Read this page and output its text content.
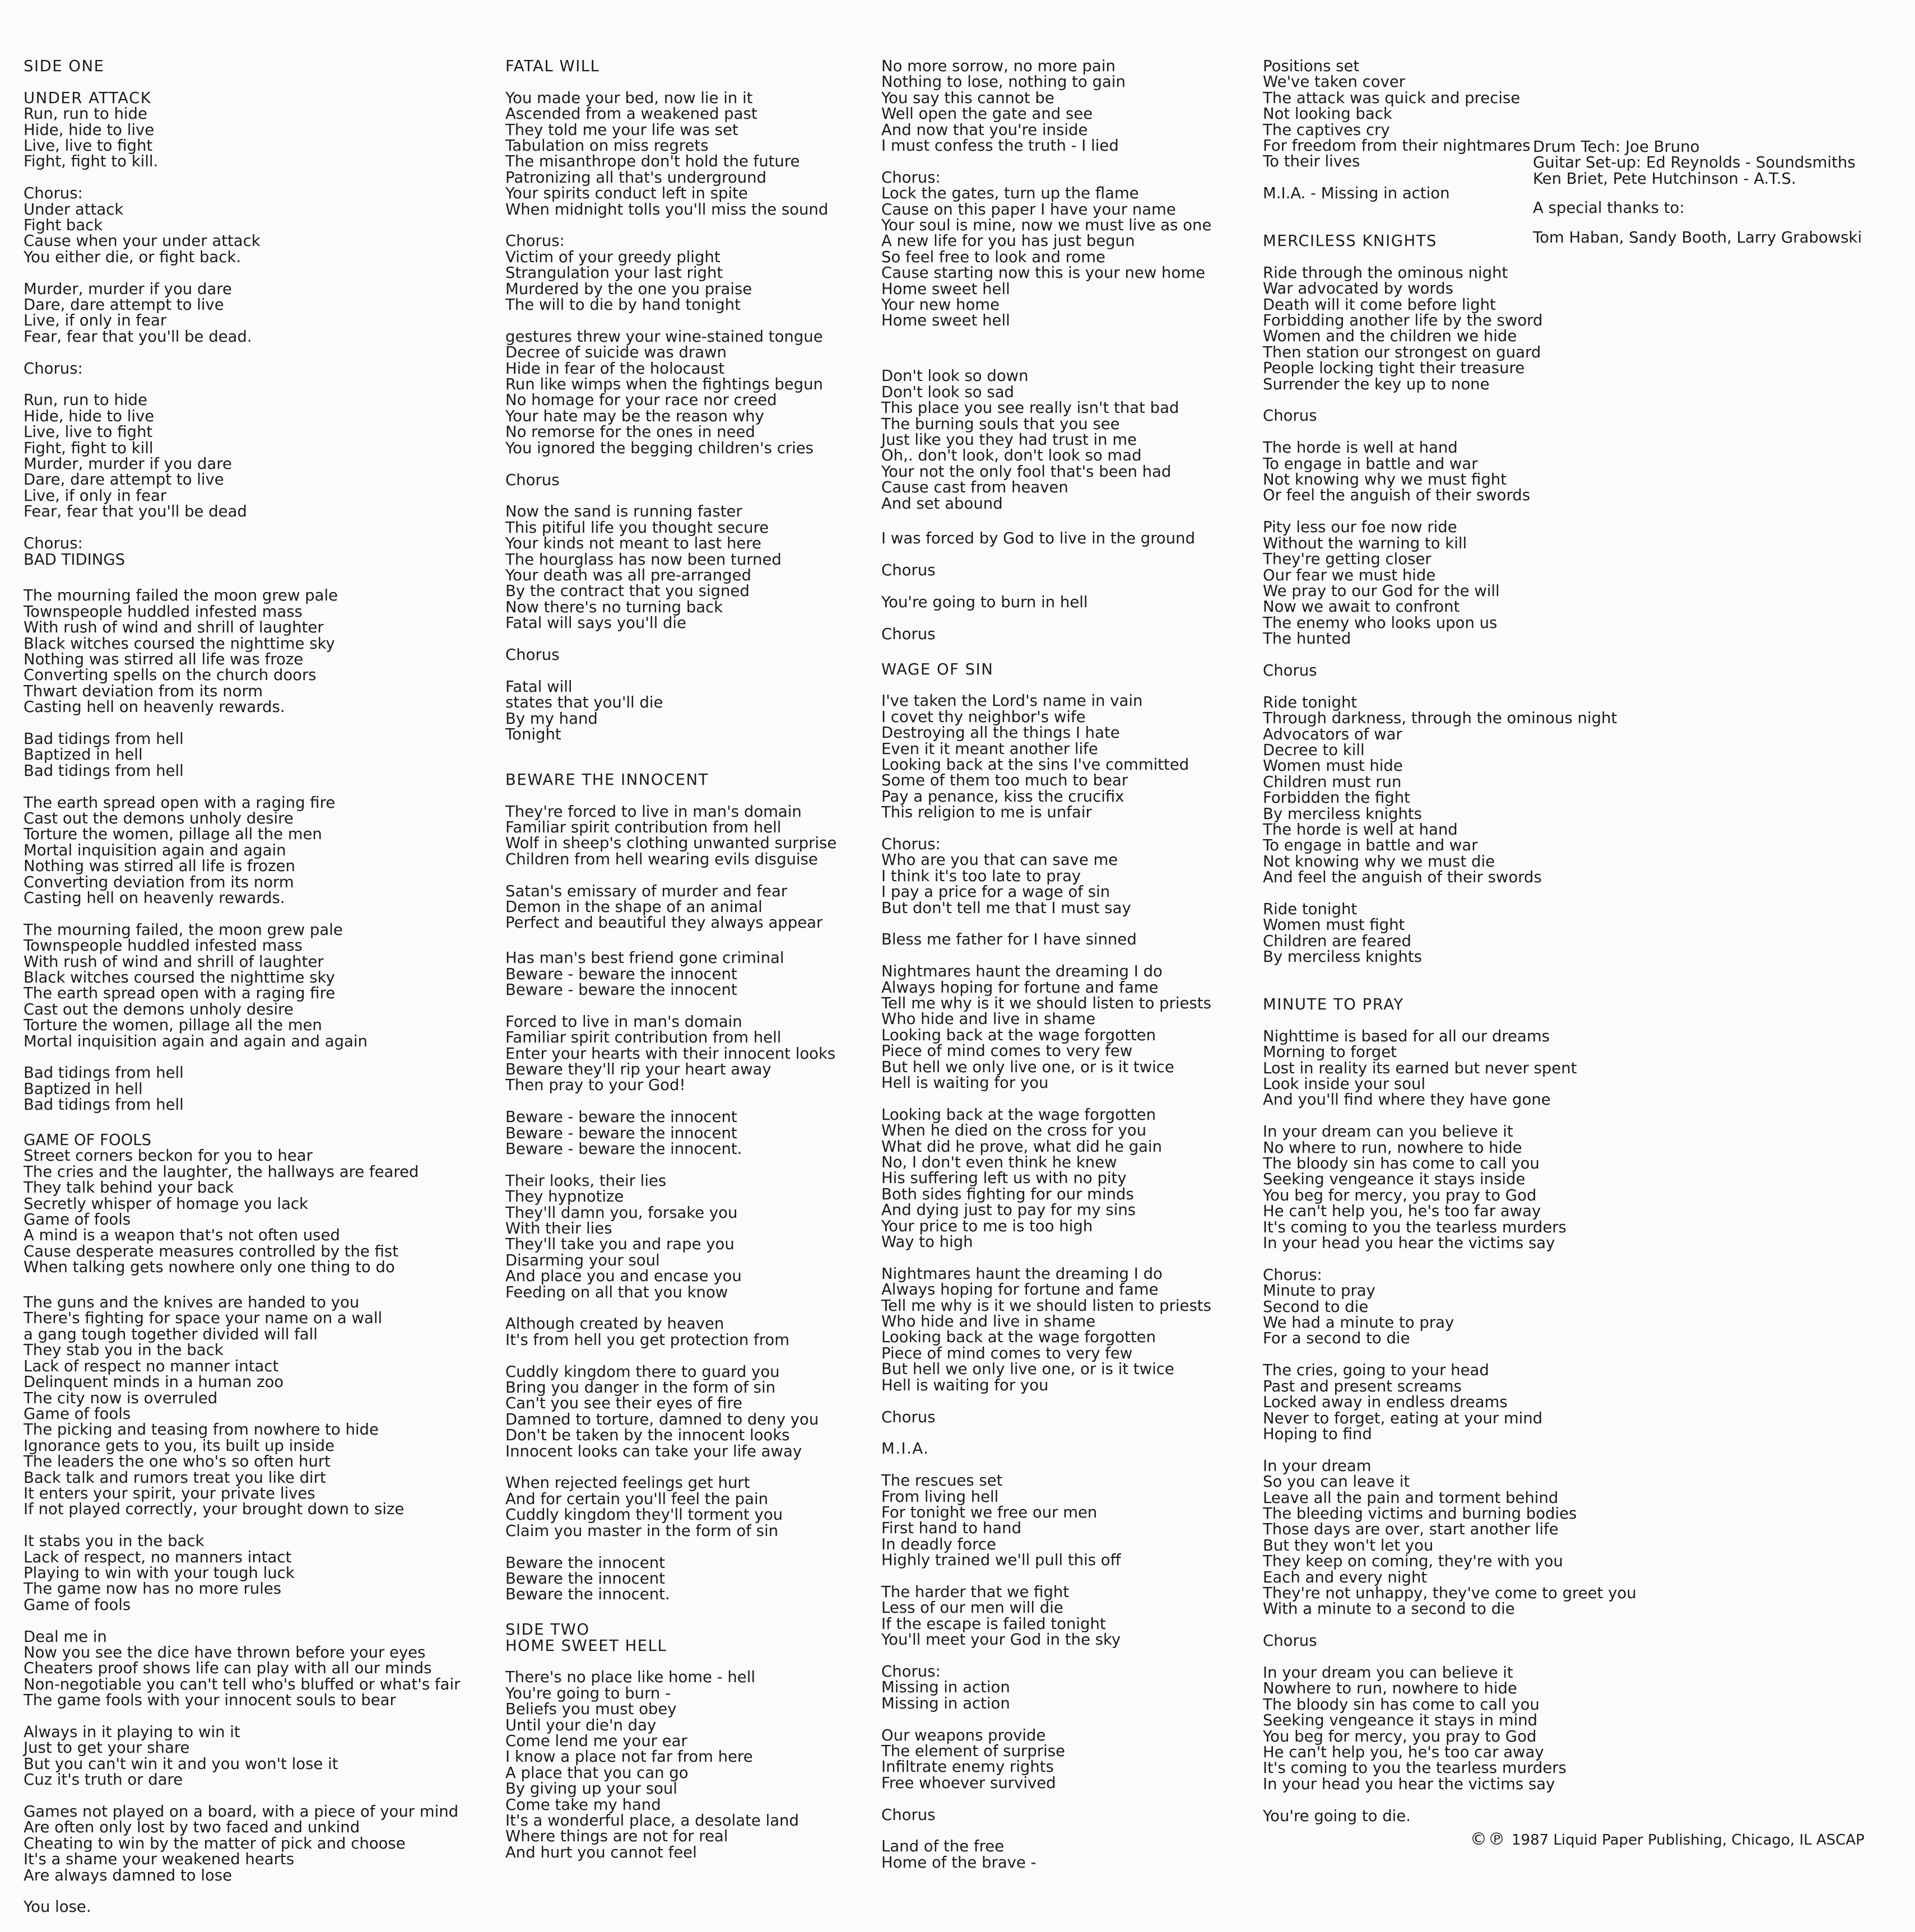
SIDE ONE
UNDER ATTACK
Run, run to hide
Hide, hide to live
Live, live to fight
Fight, fight to kill.
Chorus:
Under attack
Fight back
Cause when your under attack
You either die, or fight back.
Murder, murder if you dare
Dare, dare attempt to live
Live, if only in fear
Fear, fear that you'll be dead.
Chorus:
Run, run to hide
Hide, hide to live
Live, live to fight
Fight, fight to kill
Murder, murder if you dare
Dare, dare attempt to live
Live, if only in fear
Fear, fear that you'll be dead
Chorus:
BAD TIDINGS
The mourning failed the moon grew pale
Townspeople huddled infested mass
With rush of wind and shrill of laughter
Black witches coursed the nighttime sky
Nothing was stirred all life was froze
Converting spells on the church doors
Thwart deviation from its norm
Casting hell on heavenly rewards.
Bad tidings from hell
Baptized in hell
Bad tidings from hell
The earth spread open with a raging fire
Cast out the demons unholy desire
Torture the women, pillage all the men
Mortal inquisition again and again
Nothing was stirred all life is frozen
Converting deviation from its norm
Casting hell on heavenly rewards.
The mourning failed, the moon grew pale
Townspeople huddled infested mass
With rush of wind and shrill of laughter
Black witches coursed the nighttime sky
The earth spread open with a raging fire
Cast out the demons unholy desire
Torture the women, pillage all the men
Mortal inquisition again and again and again
Bad tidings from hell
Baptized in hell
Bad tidings from hell
GAME OF FOOLS
Street corners beckon for you to hear
The cries and the laughter, the hallways are feared
They talk behind your back
Secretly whisper of homage you lack
Game of fools
A mind is a weapon that's not often used
Cause desperate measures controlled by the fist
When talking gets nowhere only one thing to do
The guns and the knives are handed to you
There's fighting for space your name on a wall
a gang tough together divided will fall
They stab you in the back
Lack of respect no manner intact
Delinquent minds in a human zoo
The city now is overruled
Game of fools
The picking and teasing from nowhere to hide
Ignorance gets to you, its built up inside
The leaders the one who's so often hurt
Back talk and rumors treat you like dirt
It enters your spirit, your private lives
If not played correctly, your brought down to size
It stabs you in the back
Lack of respect, no manners intact
Playing to win with your tough luck
The game now has no more rules
Game of fools
Deal me in
Now you see the dice have thrown before your eyes
Cheaters proof shows life can play with all our minds
Non-negotiable you can't tell who's bluffed or what's fair
The game fools with your innocent souls to bear
Always in it playing to win it
Just to get your share
But you can't win it and you won't lose it
Cuz it's truth or dare
Games not played on a board, with a piece of your mind
Are often only lost by two faced and unkind
Cheating to win by the matter of pick and choose
It's a shame your weakened hearts
Are always damned to lose
You lose.
FATAL WILL
You made your bed, now lie in it
Ascended from a weakened past
They told me your life was set
Tabulation on miss regrets
The misanthrope don't hold the future
Patronizing all that's underground
Your spirits conduct left in spite
When midnight tolls you'll miss the sound
Chorus:
Victim of your greedy plight
Strangulation your last right
Murdered by the one you praise
The will to die by hand tonight
gestures threw your wine-stained tongue
Decree of suicide was drawn
Hide in fear of the holocaust
Run like wimps when the fightings begun
No homage for your race nor creed
Your hate may be the reason why
No remorse for the ones in need
You ignored the begging children's cries
Chorus
Now the sand is running faster
This pitiful life you thought secure
Your kinds not meant to last here
The hourglass has now been turned
Your death was all pre-arranged
By the contract that you signed
Now there's no turning back
Fatal will says you'll die
Chorus
Fatal will
states that you'll die
By my hand
Tonight
BEWARE THE INNOCENT
They're forced to live in man's domain
Familiar spirit contribution from hell
Wolf in sheep's clothing unwanted surprise
Children from hell wearing evils disguise
Satan's emissary of murder and fear
Demon in the shape of an animal
Perfect and beautiful they always appear
Has man's best friend gone criminal
Beware - beware the innocent
Beware - beware the innocent
Forced to live in man's domain
Familiar spirit contribution from hell
Enter your hearts with their innocent looks
Beware they'll rip your heart away
Then pray to your God!
Beware - beware the innocent
Beware - beware the innocent
Beware - beware the innocent.
Their looks, their lies
They hypnotize
They'll damn you, forsake you
With their lies
They'll take you and rape you
Disarming your soul
And place you and encase you
Feeding on all that you know
Although created by heaven
It's from hell you get protection from
Cuddly kingdom there to guard you
Bring you danger in the form of sin
Can't you see their eyes of fire
Damned to torture, damned to deny you
Don't be taken by the innocent looks
Innocent looks can take your life away
When rejected feelings get hurt
And for certain you'll feel the pain
Cuddly kingdom they'll torment you
Claim you master in the form of sin
Beware the innocent
Beware the innocent
Beware the innocent.
SIDE TWO
HOME SWEET HELL
There's no place like home - hell
You're going to burn -
Beliefs you must obey
Until your die'n day
Come lend me your ear
I know a place not far from here
A place that you can go
By giving up your soul
Come take my hand
It's a wonderful place, a desolate land
Where things are not for real
And hurt you cannot feel
No more sorrow, no more pain
Nothing to lose, nothing to gain
You say this cannot be
Well open the gate and see
And now that you're inside
I must confess the truth - I lied
Chorus:
Lock the gates, turn up the flame
Cause on this paper I have your name
Your soul is mine, now we must live as one
A new life for you has just begun
So feel free to look and rome
Cause starting now this is your new home
Home sweet hell
Your new home
Home sweet hell
Don't look so down
Don't look so sad
This place you see really isn't that bad
The burning souls that you see
Just like you they had trust in me
Oh,. don't look, don't look so mad
Your not the only fool that's been had
Cause cast from heaven
And set abound
I was forced by God to live in the ground
Chorus
You're going to burn in hell
Chorus
WAGE OF SIN
I've taken the Lord's name in vain
I covet thy neighbor's wife
Destroying all the things I hate
Even it it meant another life
Looking back at the sins I've committed
Some of them too much to bear
Pay a penance, kiss the crucifix
This religion to me is unfair
Chorus:
Who are you that can save me
I think it's too late to pray
I pay a price for a wage of sin
But don't tell me that I must say
Bless me father for I have sinned
Nightmares haunt the dreaming I do
Always hoping for fortune and fame
Tell me why is it we should listen to priests
Who hide and live in shame
Looking back at the wage forgotten
Piece of mind comes to very few
But hell we only live one, or is it twice
Hell is waiting for you
Looking back at the wage forgotten
When he died on the cross for you
What did he prove, what did he gain
No, I don't even think he knew
His suffering left us with no pity
Both sides fighting for our minds
And dying just to pay for my sins
Your price to me is too high
Way to high
Nightmares haunt the dreaming I do
Always hoping for fortune and fame
Tell me why is it we should listen to priests
Who hide and live in shame
Looking back at the wage forgotten
Piece of mind comes to very few
But hell we only live one, or is it twice
Hell is waiting for you
Chorus
M.I.A.
The rescues set
From living hell
For tonight we free our men
First hand to hand
In deadly force
Highly trained we'll pull this off
The harder that we fight
Less of our men will die
If the escape is failed tonight
You'll meet your God in the sky
Chorus:
Missing in action
Missing in action
Our weapons provide
The element of surprise
Infiltrate enemy rights
Free whoever survived
Chorus
Land of the free
Home of the brave -
Positions set
We've taken cover
The attack was quick and precise
Not looking back
The captives cry
For freedom from their nightmares
To their lives
M.I.A. - Missing in action
MERCILESS KNIGHTS
Ride through the ominous night
War advocated by words
Death will it come before light
Forbidding another life by the sword
Women and the children we hide
Then station our strongest on guard
People locking tight their treasure
Surrender the key up to none
Chorus
The horde is well at hand
To engage in battle and war
Not knowing why we must fight
Or feel the anguish of their swords
Pity less our foe now ride
Without the warning to kill
They're getting closer
Our fear we must hide
We pray to our God for the will
Now we await to confront
The enemy who looks upon us
The hunted
Chorus
Ride tonight
Through darkness, through the ominous night
Advocators of war
Decree to kill
Women must hide
Children must run
Forbidden the fight
By merciless knights
The horde is well at hand
To engage in battle and war
Not knowing why we must die
And feel the anguish of their swords
Ride tonight
Women must fight
Children are feared
By merciless knights
MINUTE TO PRAY
Nighttime is based for all our dreams
Morning to forget
Lost in reality its earned but never spent
Look inside your soul
And you'll find where they have gone
In your dream can you believe it
No where to run, nowhere to hide
The bloody sin has come to call you
Seeking vengeance it stays inside
You beg for mercy, you pray to God
He can't help you, he's too far away
It's coming to you the tearless murders
In your head you hear the victims say
Chorus:
Minute to pray
Second to die
We had a minute to pray
For a second to die
The cries, going to your head
Past and present screams
Locked away in endless dreams
Never to forget, eating at your mind
Hoping to find
In your dream
So you can leave it
Leave all the pain and torment behind
The bleeding victims and burning bodies
Those days are over, start another life
But they won't let you
They keep on coming, they're with you
Each and every night
They're not unhappy, they've come to greet you
With a minute to a second to die
Chorus
In your dream you can believe it
Nowhere to run, nowhere to hide
The bloody sin has come to call you
Seeking vengeance it stays in mind
You beg for mercy, you pray to God
He can't help you, he's too car away
It's coming to you the tearless murders
In your head you hear the victims say
You're going to die.
Drum Tech: Joe Bruno
Guitar Set-up: Ed Reynolds - Soundsmiths
Ken Briet, Pete Hutchinson - A.T.S.
A special thanks to:
Tom Haban, Sandy Booth, Larry Grabowski
©℗ 1987 Liquid Paper Publishing, Chicago, IL ASCAP
